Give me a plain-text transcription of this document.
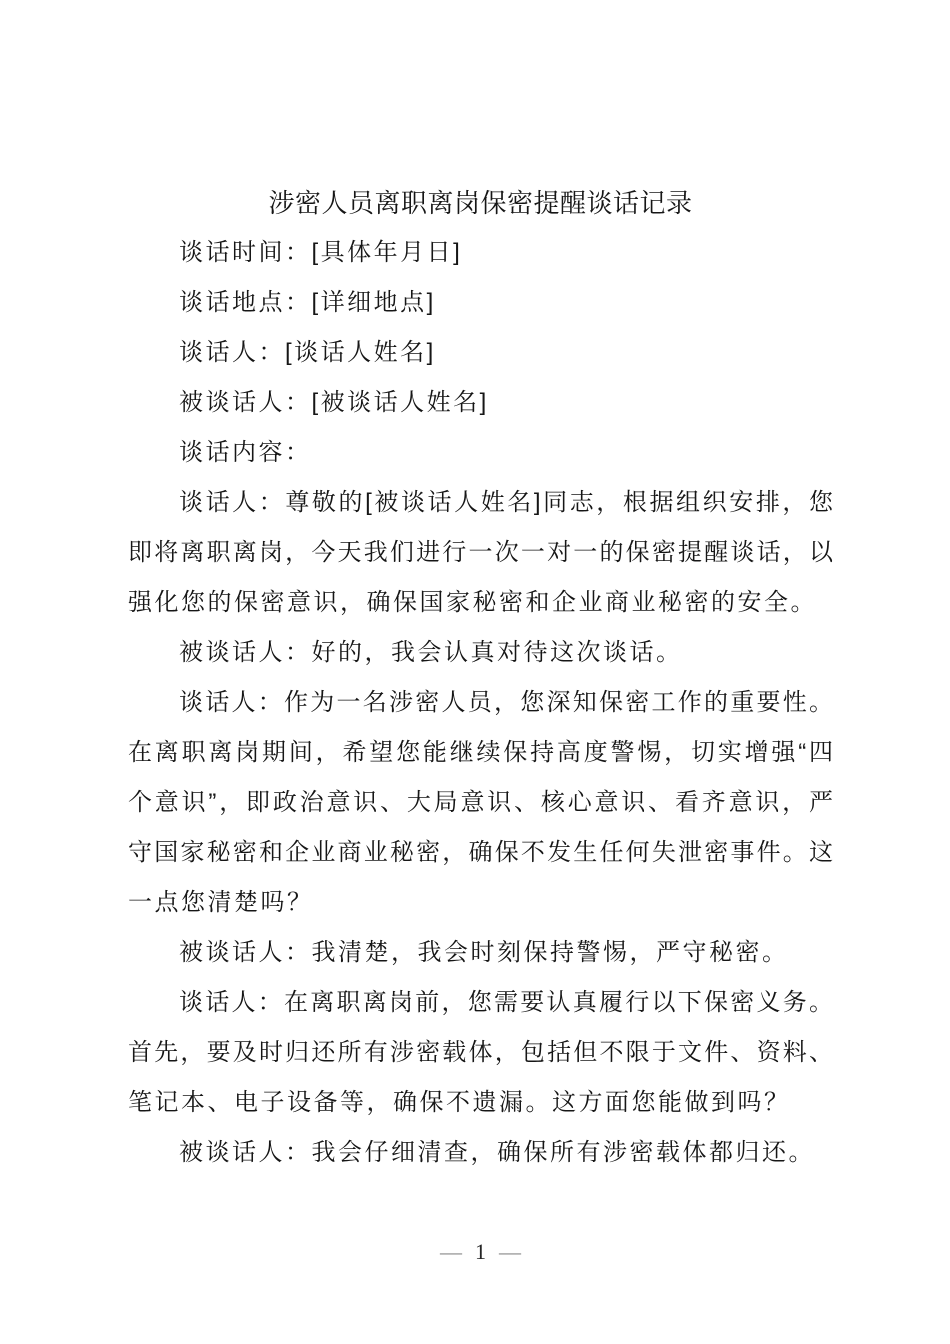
涉密人员离职离岗保密提醒谈话记录
谈话时间：[具体年月日]
谈话地点：[详细地点]
谈话人：[谈话人姓名]
被谈话人：[被谈话人姓名]
谈话内容：
谈话人：尊敬的[被谈话人姓名]同志，根据组织安排，您
即将离职离岗，今天我们进行一次一对一的保密提醒谈话，以
强化您的保密意识，确保国家秘密和企业商业秘密的安全。
被谈话人：好的，我会认真对待这次谈话。
谈话人：作为一名涉密人员，您深知保密工作的重要性。
在离职离岗期间，希望您能继续保持高度警惕，切实增强“四
个意识”，即政治意识、大局意识、核心意识、看齐意识，严
守国家秘密和企业商业秘密，确保不发生任何失泄密事件。这
一点您清楚吗？
被谈话人：我清楚，我会时刻保持警惕，严守秘密。
谈话人：在离职离岗前，您需要认真履行以下保密义务。
首先，要及时归还所有涉密载体，包括但不限于文件、资料、
笔记本、电子设备等，确保不遗漏。这方面您能做到吗？
被谈话人：我会仔细清查，确保所有涉密载体都归还。
— 1 —
